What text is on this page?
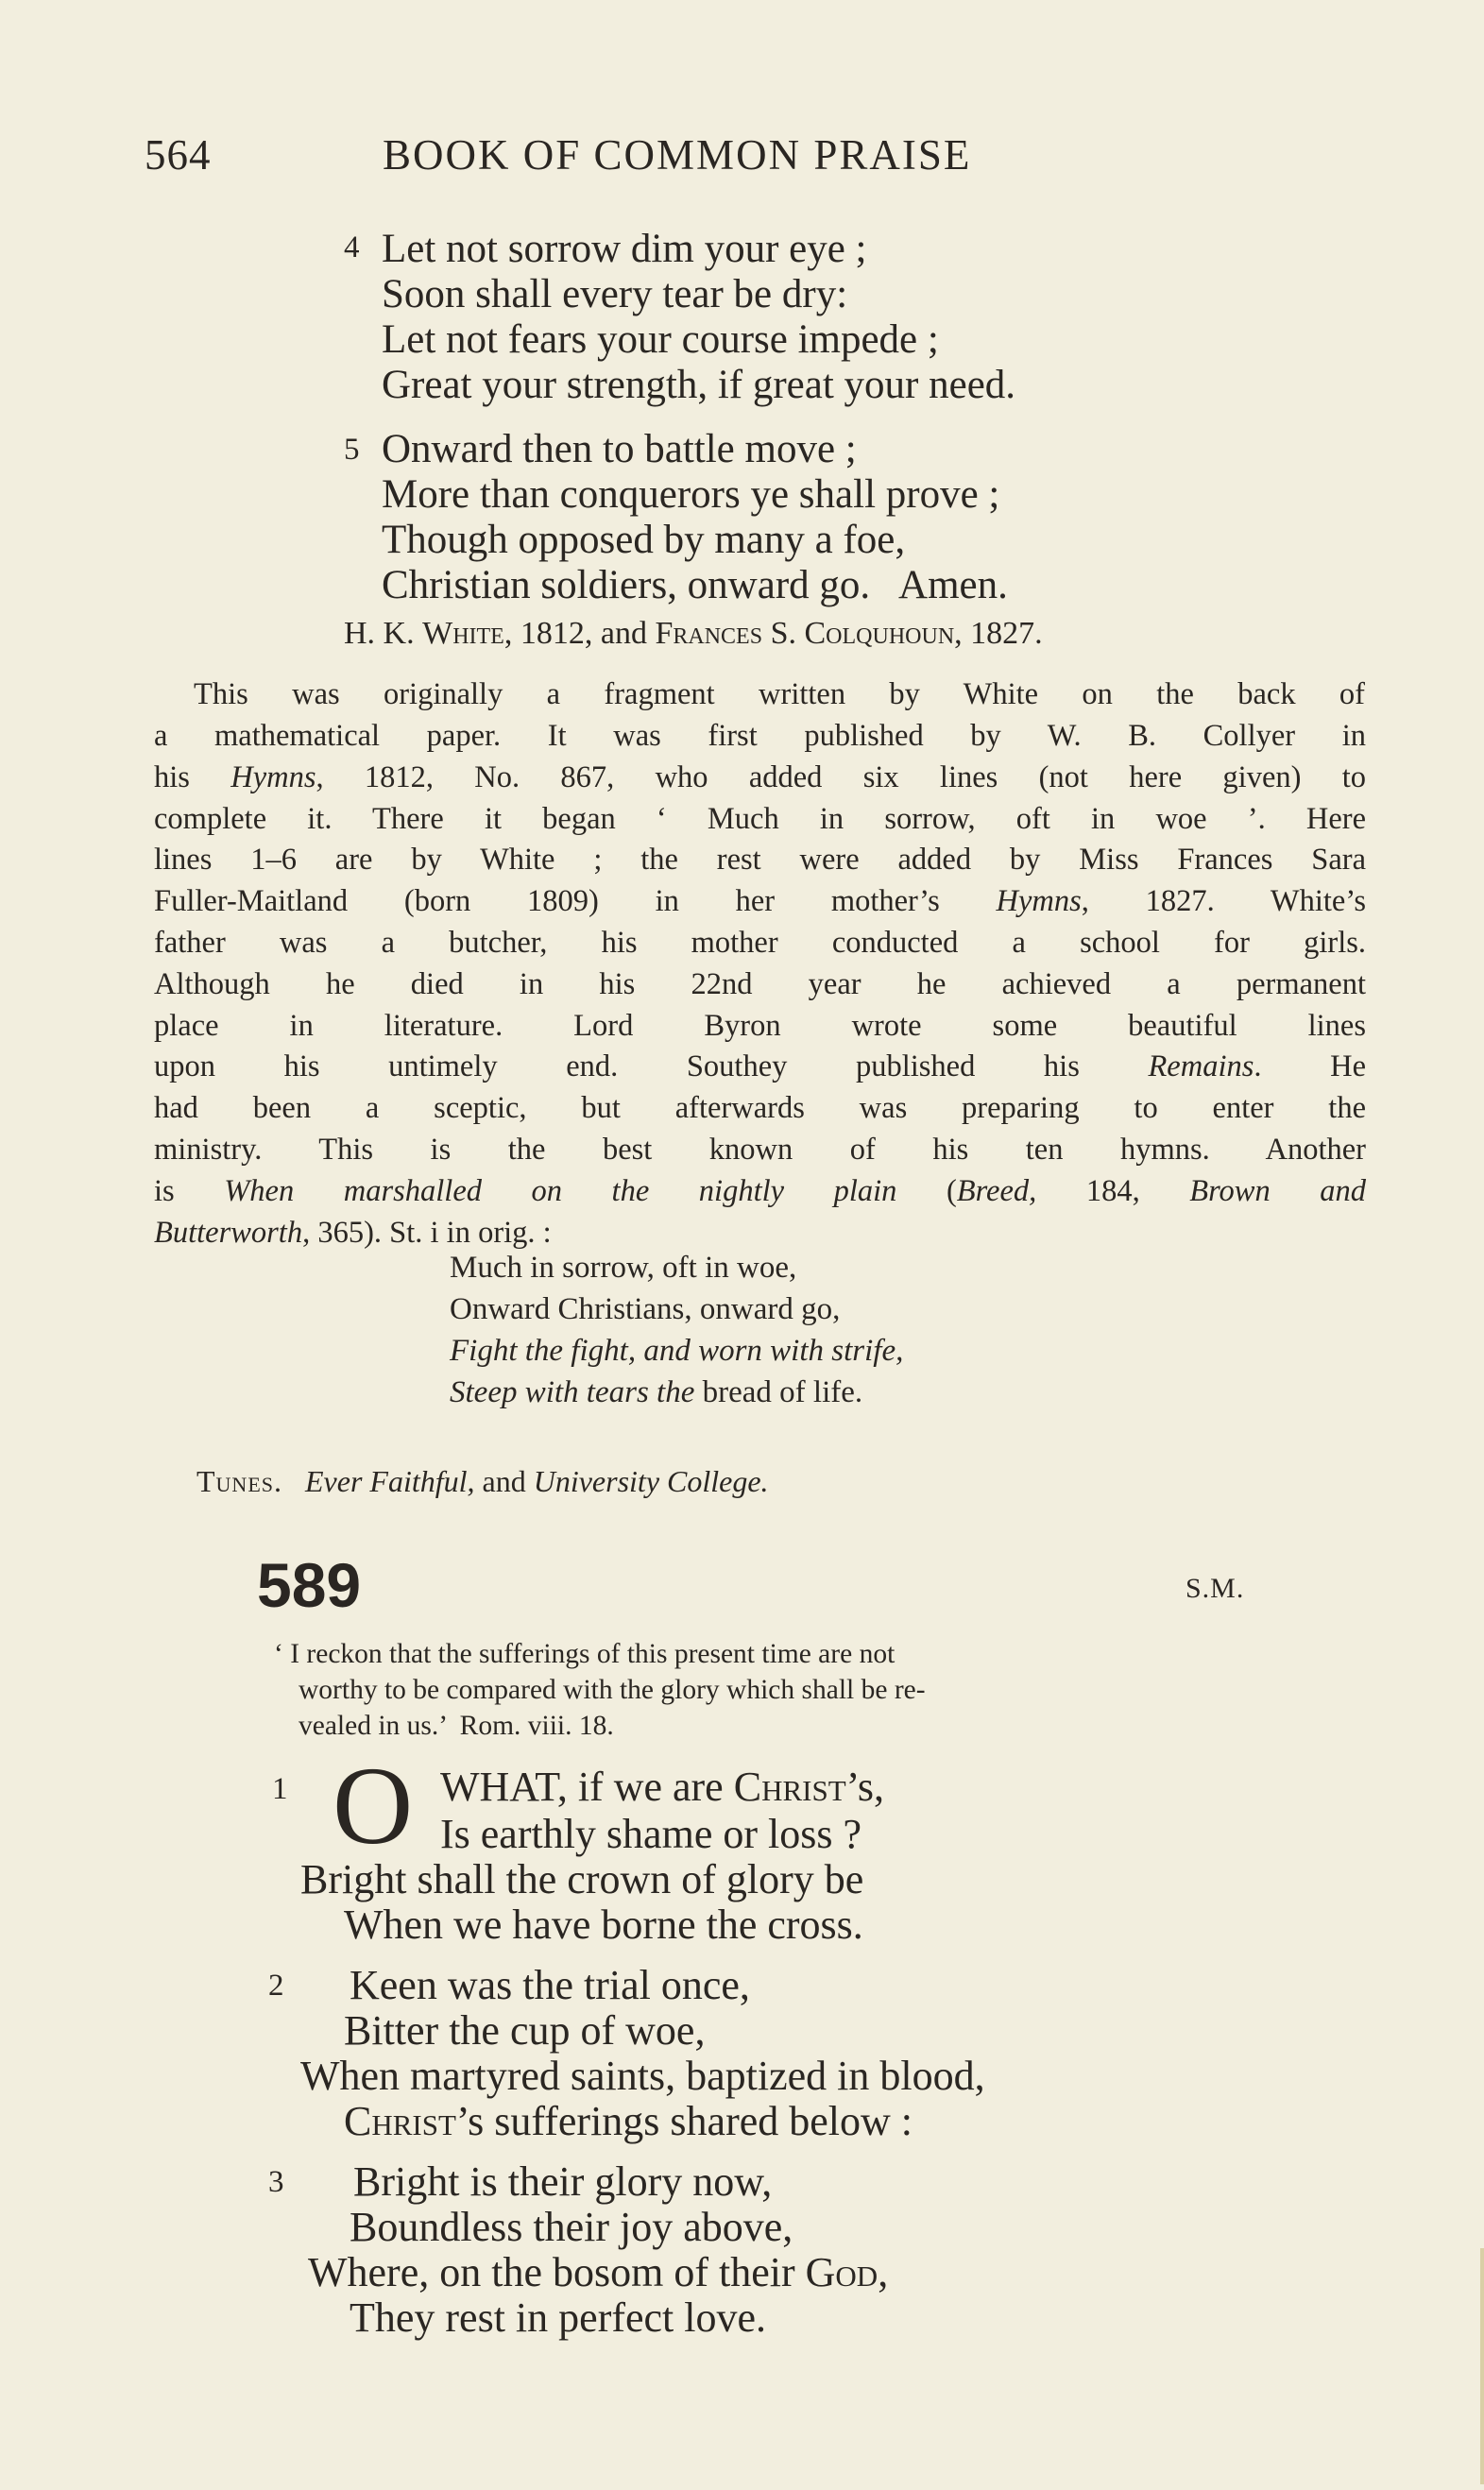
564	BOOK OF COMMON PRAISE
4 Let not sorrow dim your eye ;
Soon shall every tear be dry:
Let not fears your course impede ;
Great your strength, if great your need.
5 Onward then to battle move ;
More than conquerors ye shall prove ;
Though opposed by many a foe,
Christian soldiers, onward go.   Amen.
H. K. White, 1812, and Frances S. Colquhoun, 1827.
This was originally a fragment written by White on the back of
a mathematical paper. It was first published by W. B. Collyer in
his Hymns, 1812, No. 867, who added six lines (not here given) to
complete it. There it began ‘ Much in sorrow, oft in woe ’. Here
lines 1–6 are by White ; the rest were added by Miss Frances Sara
Fuller-Maitland (born 1809) in her mother’s Hymns, 1827. White’s
father was a butcher, his mother conducted a school for girls.
Although he died in his 22nd year he achieved a permanent
place in literature. Lord Byron wrote some beautiful lines
upon his untimely end. Southey published his Remains. He
had been a sceptic, but afterwards was preparing to enter the
ministry. This is the best known of his ten hymns. Another
is When marshalled on the nightly plain (Breed, 184, Brown and
Butterworth, 365). St. i in orig. :
Much in sorrow, oft in woe,
Onward Christians, onward go,
Fight the fight, and worn with strife,
Steep with tears the bread of life.
Tunes. Ever Faithful, and University College.
589	S.M.
‘ I reckon that the sufferings of this present time are not
worthy to be compared with the glory which shall be re-
vealed in us.’  Rom. viii. 18.
1 O WHAT, if we are Christ’s,
Is earthly shame or loss ?
Bright shall the crown of glory be
When we have borne the cross.
2 Keen was the trial once,
Bitter the cup of woe,
When martyred saints, baptized in blood,
Christ’s sufferings shared below :
3 Bright is their glory now,
Boundless their joy above,
Where, on the bosom of their God,
They rest in perfect love.
